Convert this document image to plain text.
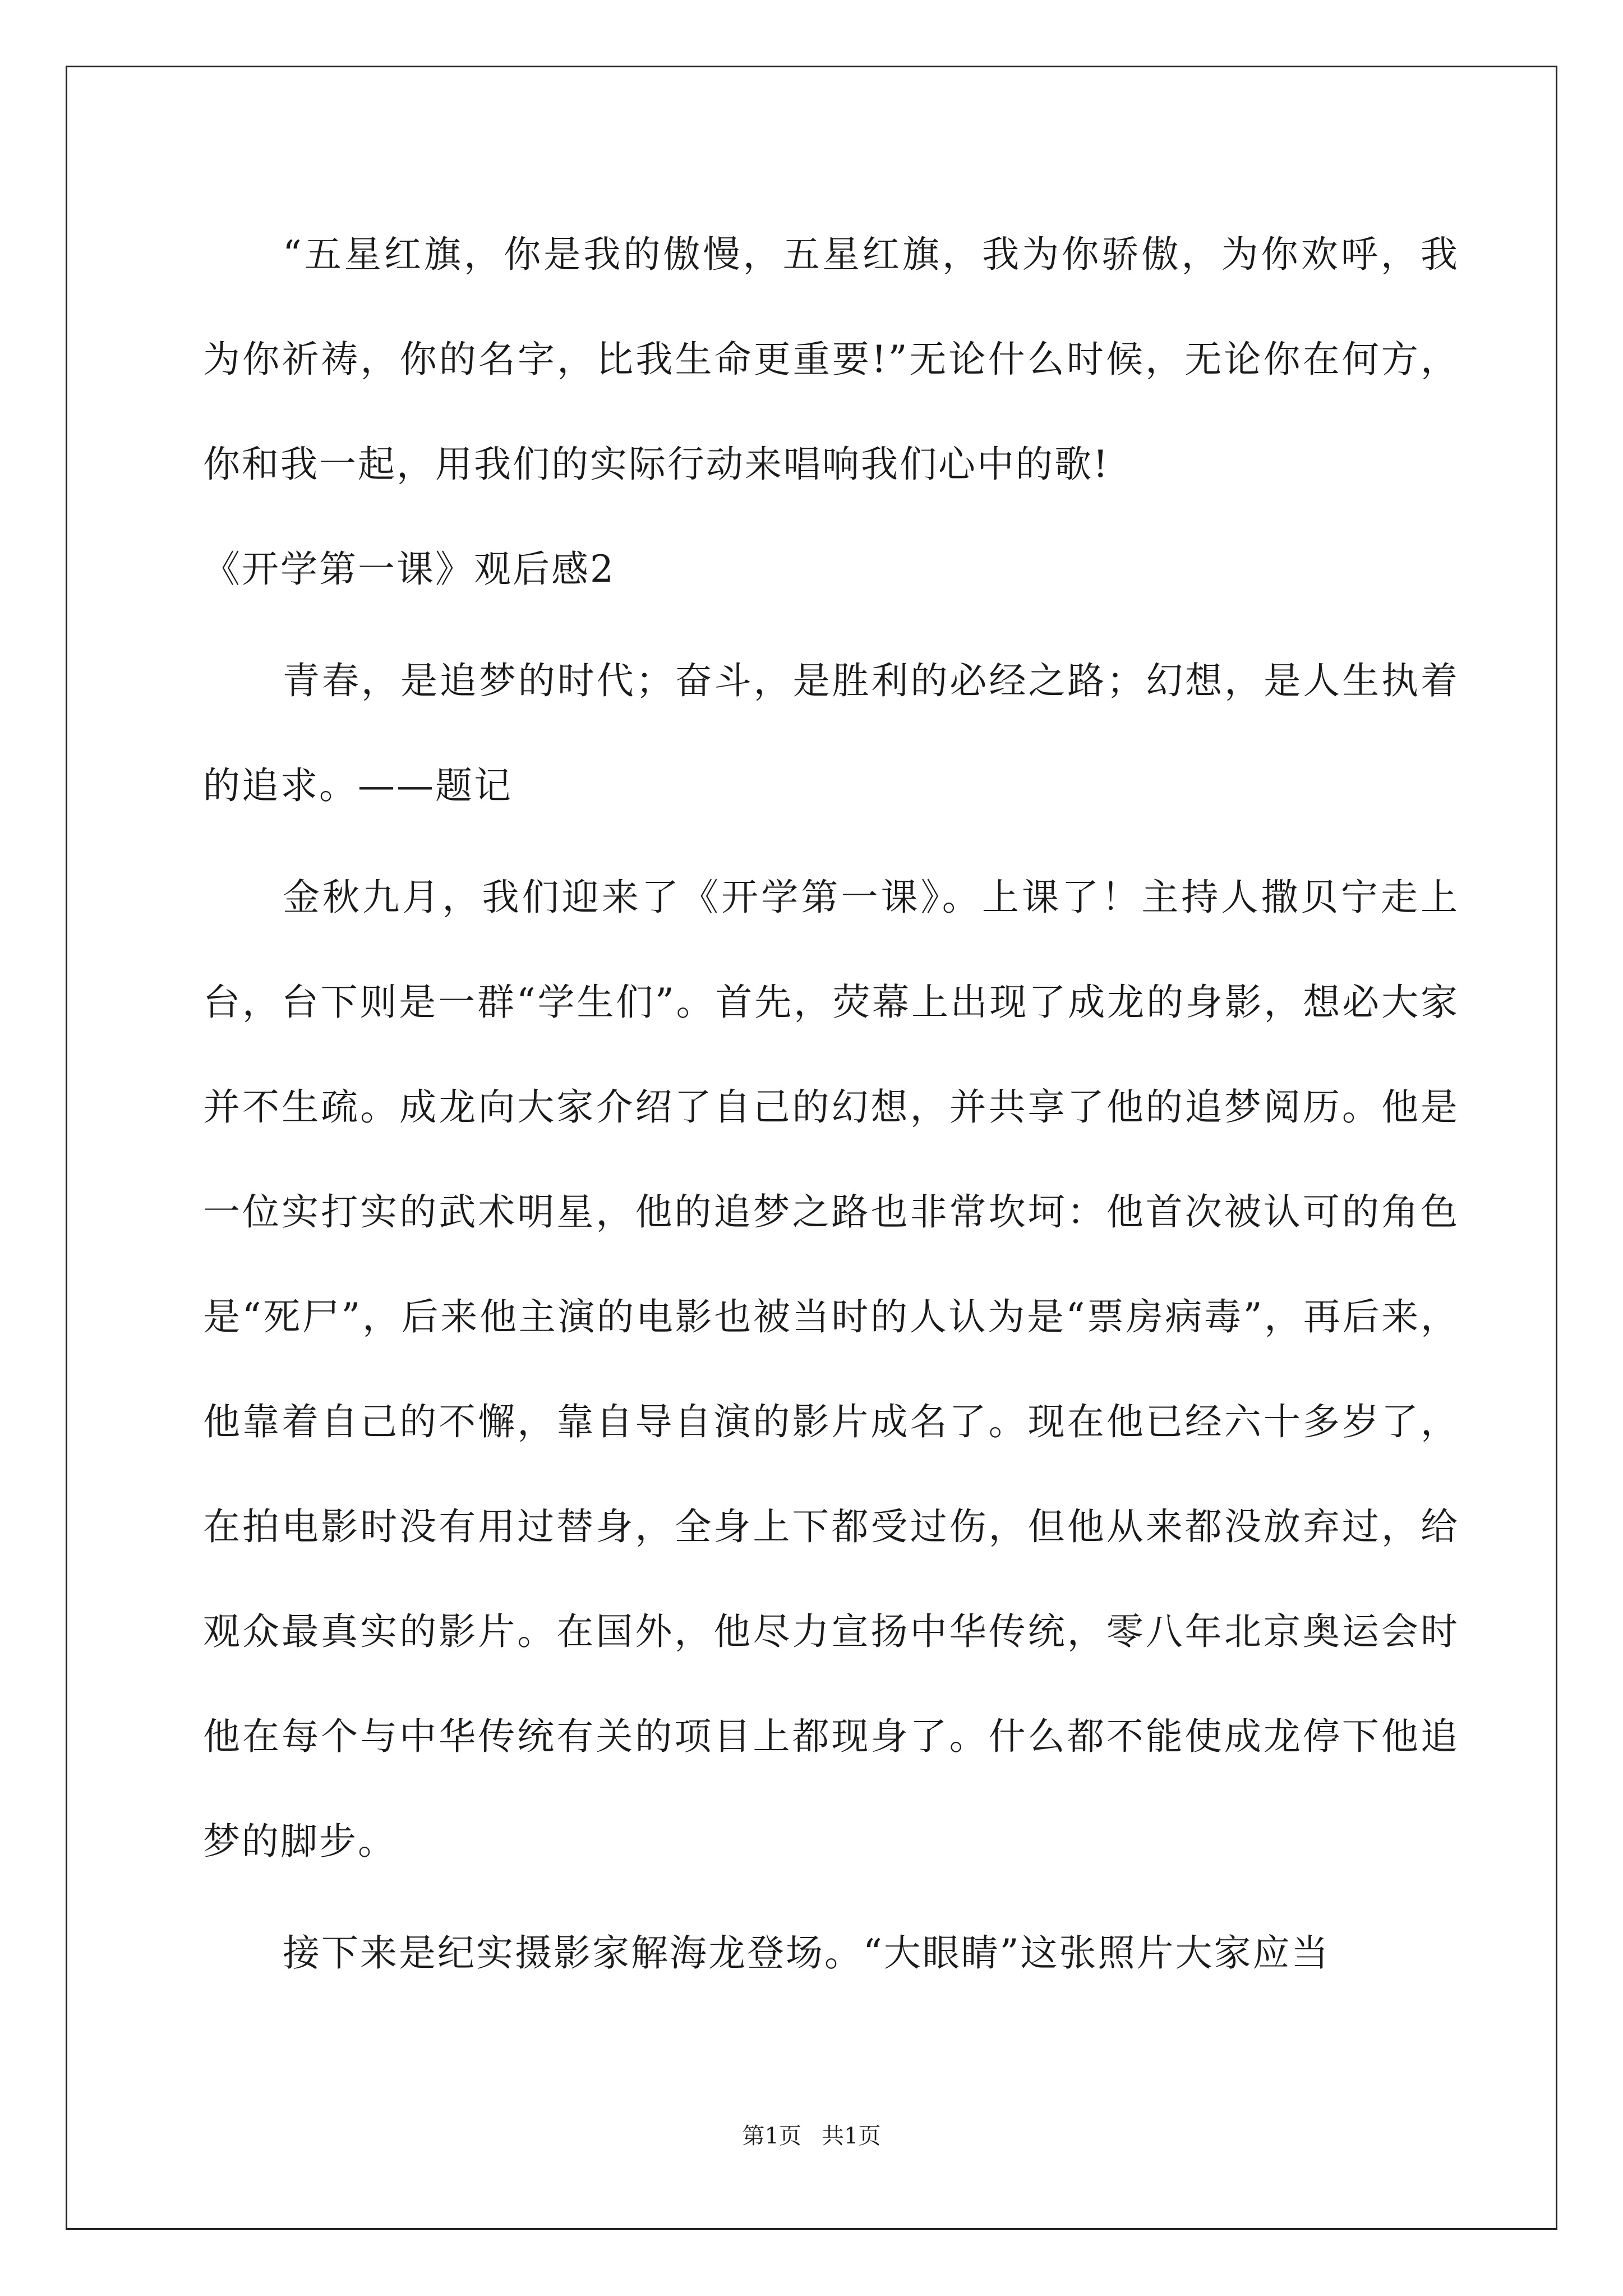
“五星红旗，你是我的傲慢，五星红旗，我为你骄傲，为你欢呼，我为你祈祷，你的名字，比我生命更重要!”无论什么时候，无论你在何方，你和我一起，用我们的实际行动来唱响我们心中的歌!

《开学第一课》观后感2

青春，是追梦的时代；奋斗，是胜利的必经之路；幻想，是人生执着的追求。——题记

金秋九月，我们迎来了《开学第一课》。上课了！主持人撒贝宁走上台，台下则是一群“学生们”。首先，荧幕上出现了成龙的身影，想必大家并不生疏。成龙向大家介绍了自己的幻想，并共享了他的追梦阅历。他是一位实打实的武术明星，他的追梦之路也非常坎坷：他首次被认可的角色是“死尸”，后来他主演的电影也被当时的人认为是“票房病毒”，再后来，他靠着自己的不懈，靠自导自演的影片成名了。现在他已经六十多岁了，在拍电影时没有用过替身，全身上下都受过伤，但他从来都没放弃过，给观众最真实的影片。在国外，他尽力宣扬中华传统，零八年北京奥运会时他在每个与中华传统有关的项目上都现身了。什么都不能使成龙停下他追梦的脚步。

接下来是纪实摄影家解海龙登场。“大眼睛”这张照片大家应当

第1页 共1页
